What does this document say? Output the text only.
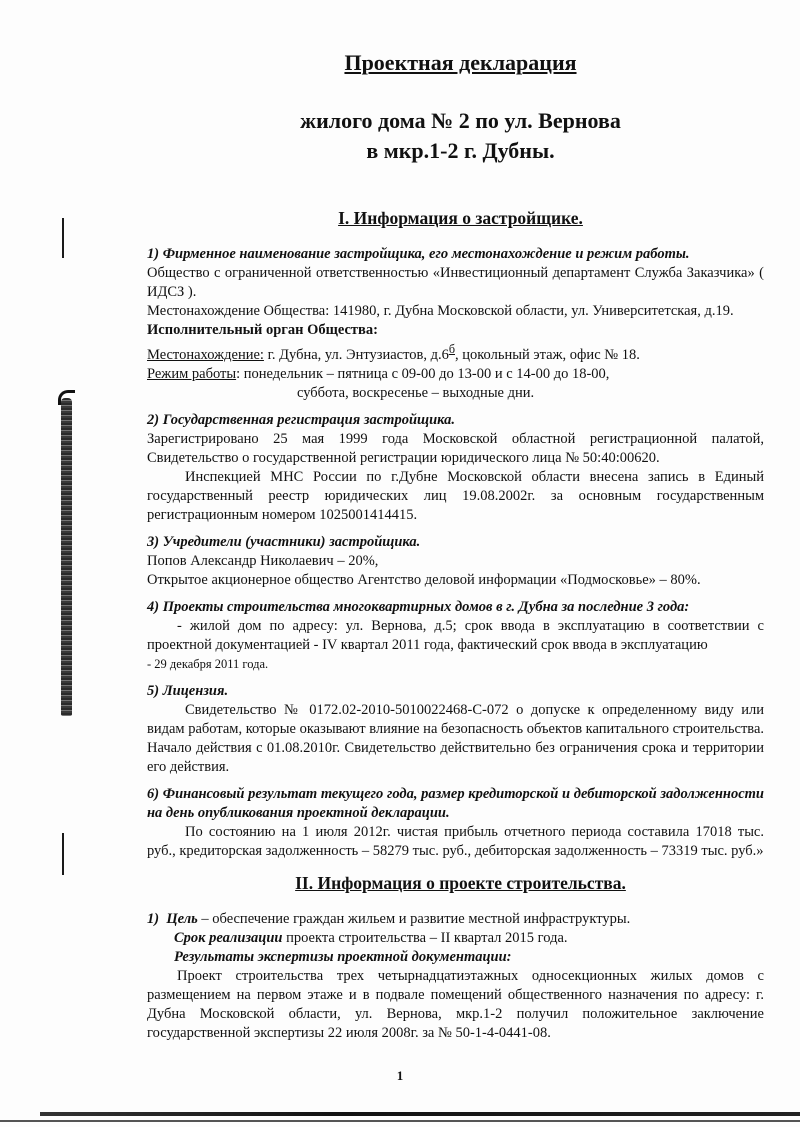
Проектная декларация
жилого дома № 2 по ул. Вернова
в мкр.1-2 г. Дубны.
I. Информация о застройщике.

1) Фирменное наименование застройщика, его местонахождение и режим работы.

Общество с ограниченной ответственностью «Инвестиционный департамент Служба Заказчика» ( ИДСЗ ).

Местонахождение Общества: 141980, г. Дубна Московской области, ул. Университетская, д.19.

Исполнительный орган Общества:

Местонахождение: г. Дубна, ул. Энтузиастов, $д.6^б$, цокольный этаж, офис № 18.

Режим работы: понедельник – пятница с 09-00 до 13-00 и с 14-00 до 18-00,

суббота, воскресенье – выходные дни.

2) Государственная регистрация застройщика.

Зарегистрировано 25 мая 1999 года Московской областной регистрационной палатой, Свидетельство о государственной регистрации юридического лица № 50:40:00620.

Инспекцией МНС России по г.Дубне Московской области внесена запись в Единый государственный реестр юридических лиц 19.08.2002г. за основным государственным регистрационным номером 1025001414415.

3) Учредители (участники) застройщика.

Попов Александр Николаевич – 20%,

Открытое акционерное общество Агентство деловой информации «Подмосковье» – 80%.

4) Проекты строительства многоквартирных домов в г. Дубна за последние 3 года:

- жилой дом по адресу: ул. Вернова, д.5; срок ввода в эксплуатацию в соответствии с проектной документацией - IV квартал 2011 года, фактический срок ввода в эксплуатацию

- 29 декабря 2011 года.

5) Лицензия.

Свидетельство № 0172.02-2010-5010022468-С-072 о допуске к определенному виду или видам работам, которые оказывают влияние на безопасность объектов капитального строительства. Начало действия с 01.08.2010г. Свидетельство действительно без ограничения срока и территории его действия.

6) Финансовый результат текущего года, размер кредиторской и дебиторской задолженности на день опубликования проектной декларации.

По состоянию на 1 июля 2012г. чистая прибыль отчетного периода составила 17018 тыс. руб., кредиторская задолженность – 58279 тыс. руб., дебиторская задолженность – 73319 тыс. руб.»

II. Информация о проекте строительства.

1) Цель – обеспечение граждан жильем и развитие местной инфраструктуры.

Срок реализации проекта строительства – II квартал 2015 года.

Результаты экспертизы проектной документации:

Проект строительства трех четырнадцатиэтажных односекционных жилых домов с размещением на первом этаже и в подвале помещений общественного назначения по адресу: г. Дубна Московской области, ул. Вернова, мкр.1-2 получил положительное заключение государственной экспертизы 22 июля 2008г. за № 50-1-4-0441-08.

1
